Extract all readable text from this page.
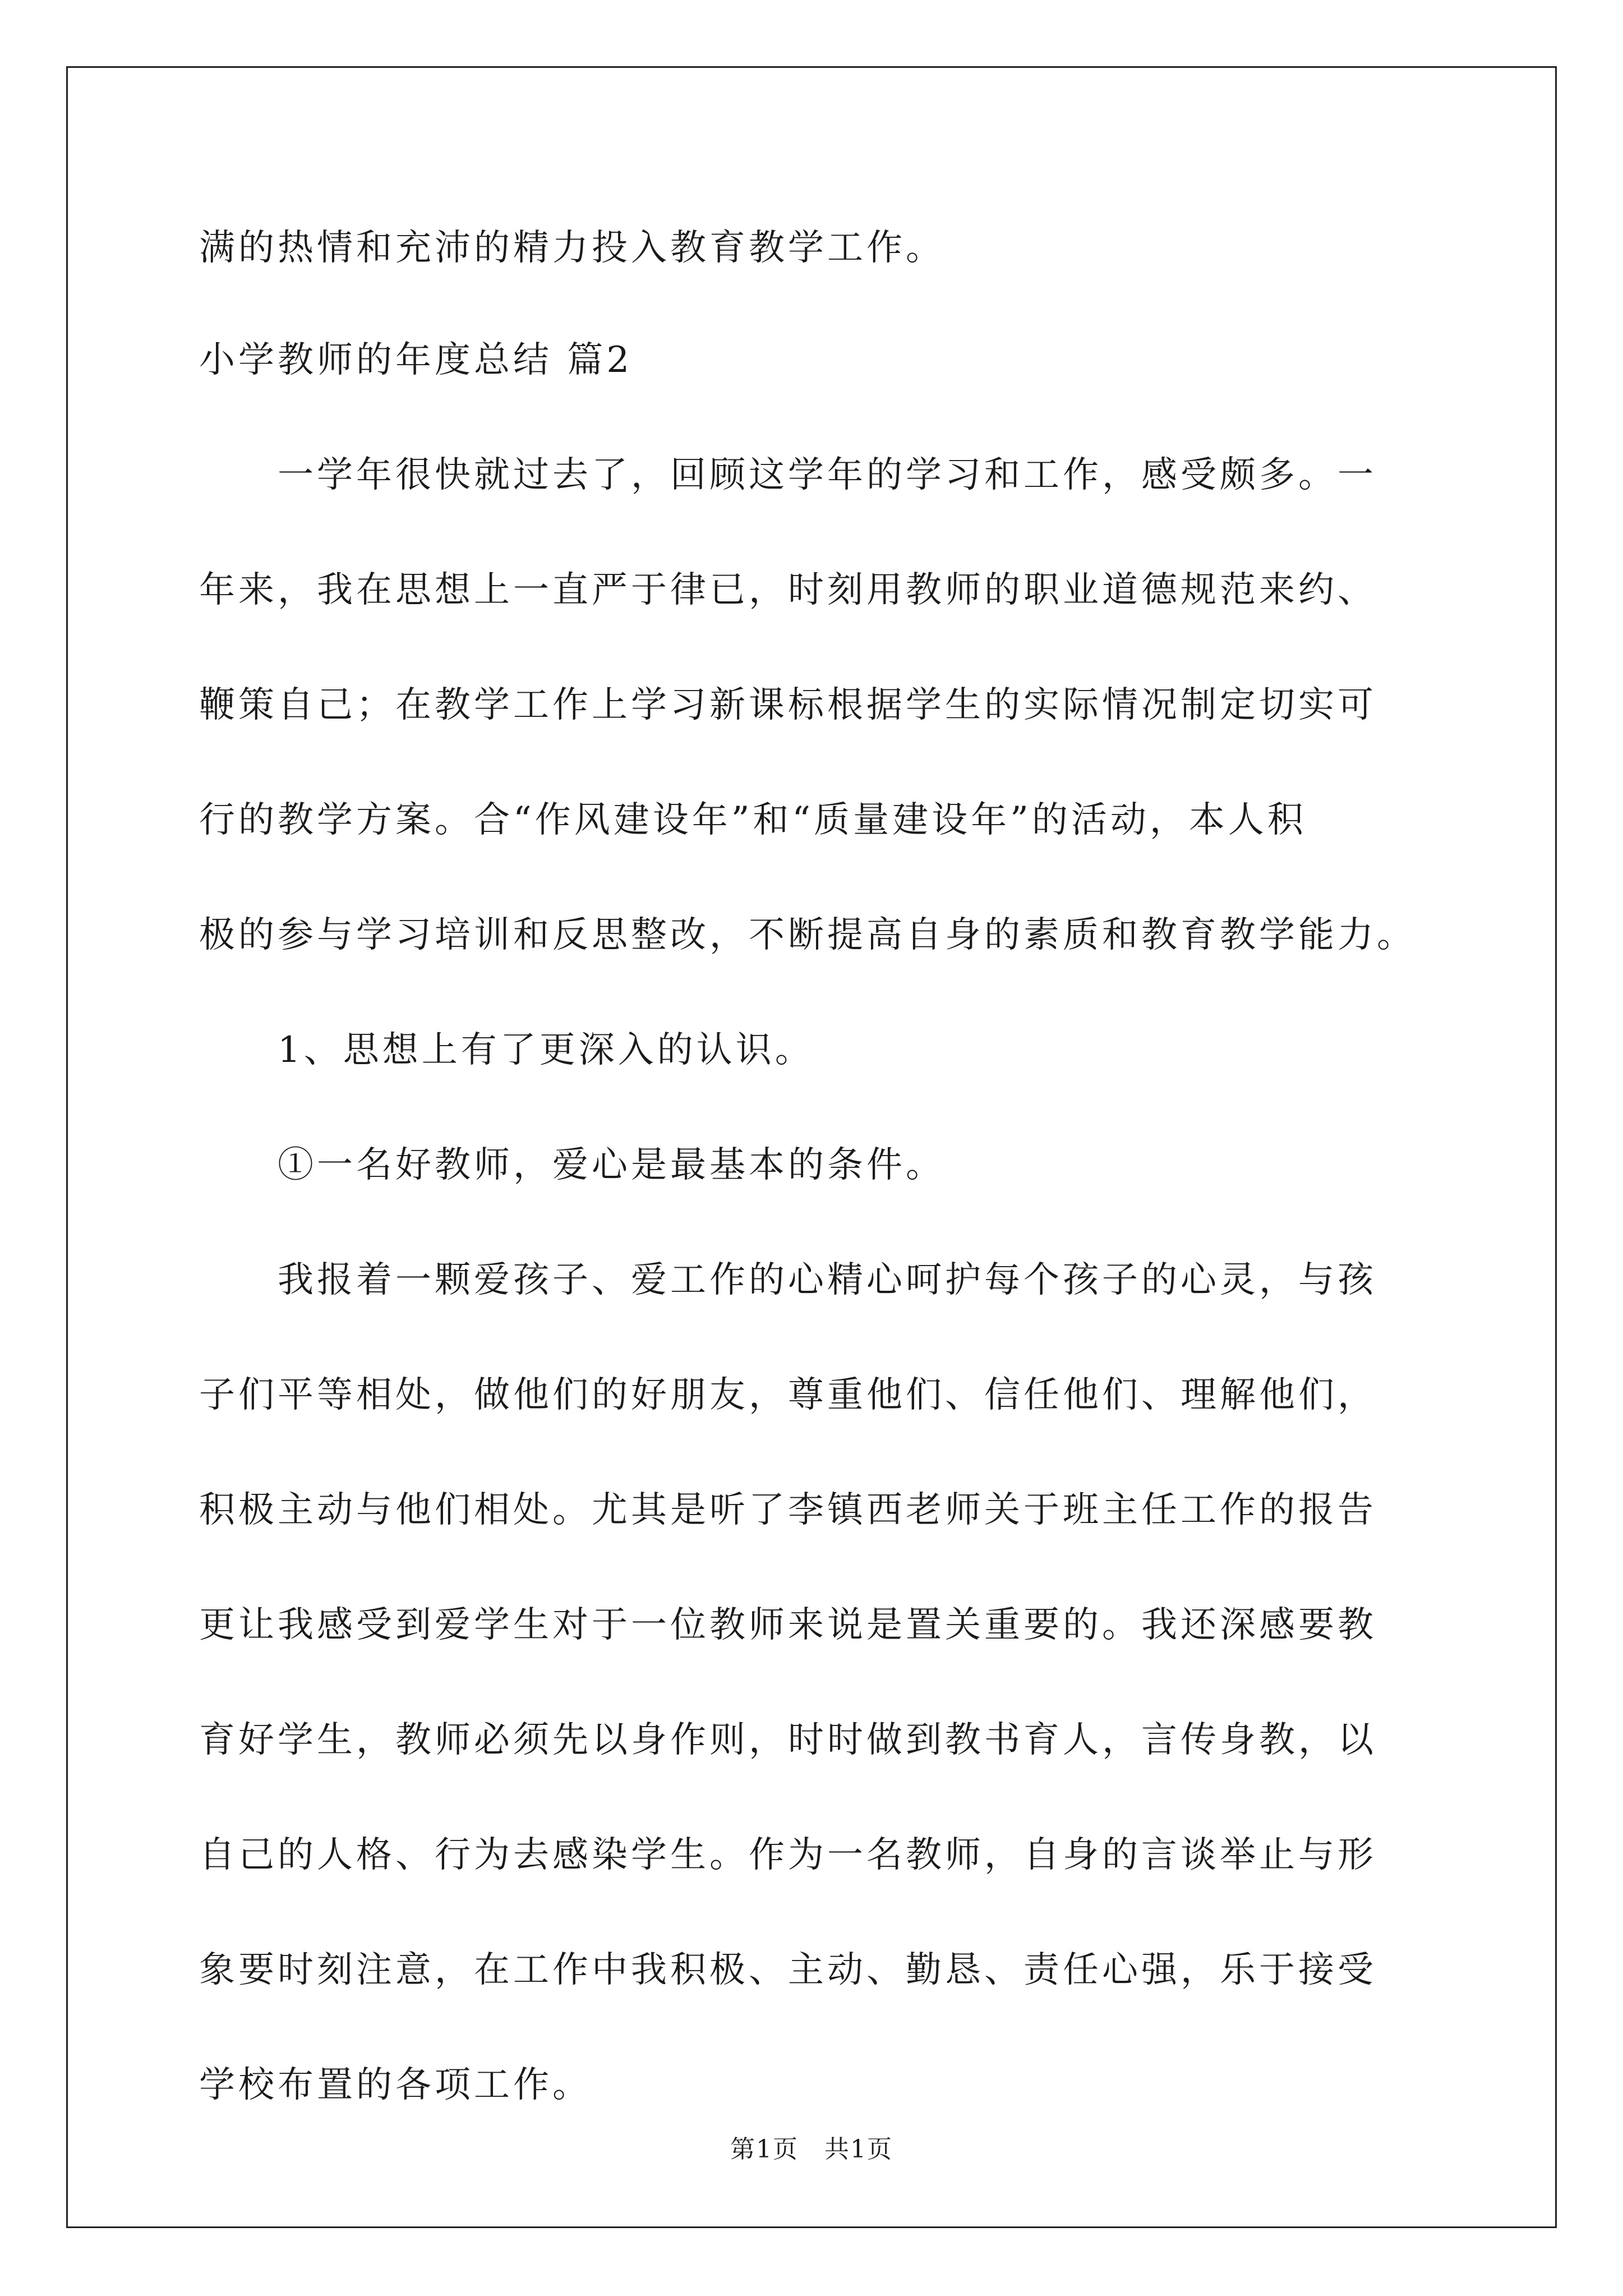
满的热情和充沛的精力投入教育教学工作。

小学教师的年度总结 篇2

　　一学年很快就过去了，回顾这学年的学习和工作，感受颇多。一

年来，我在思想上一直严于律已，时刻用教师的职业道德规范来约、

鞭策自己；在教学工作上学习新课标根据学生的实际情况制定切实可

行的教学方案。合“作风建设年”和“质量建设年”的活动，本人积

极的参与学习培训和反思整改，不断提高自身的素质和教育教学能力。

　　1、思想上有了更深入的认识。

　　①一名好教师，爱心是最基本的条件。

　　我报着一颗爱孩子、爱工作的心精心呵护每个孩子的心灵，与孩

子们平等相处，做他们的好朋友，尊重他们、信任他们、理解他们，

积极主动与他们相处。尤其是听了李镇西老师关于班主任工作的报告

更让我感受到爱学生对于一位教师来说是置关重要的。我还深感要教

育好学生，教师必须先以身作则，时时做到教书育人，言传身教，以

自己的人格、行为去感染学生。作为一名教师，自身的言谈举止与形

象要时刻注意，在工作中我积极、主动、勤恳、责任心强，乐于接受

学校布置的各项工作。

第1页　共1页
